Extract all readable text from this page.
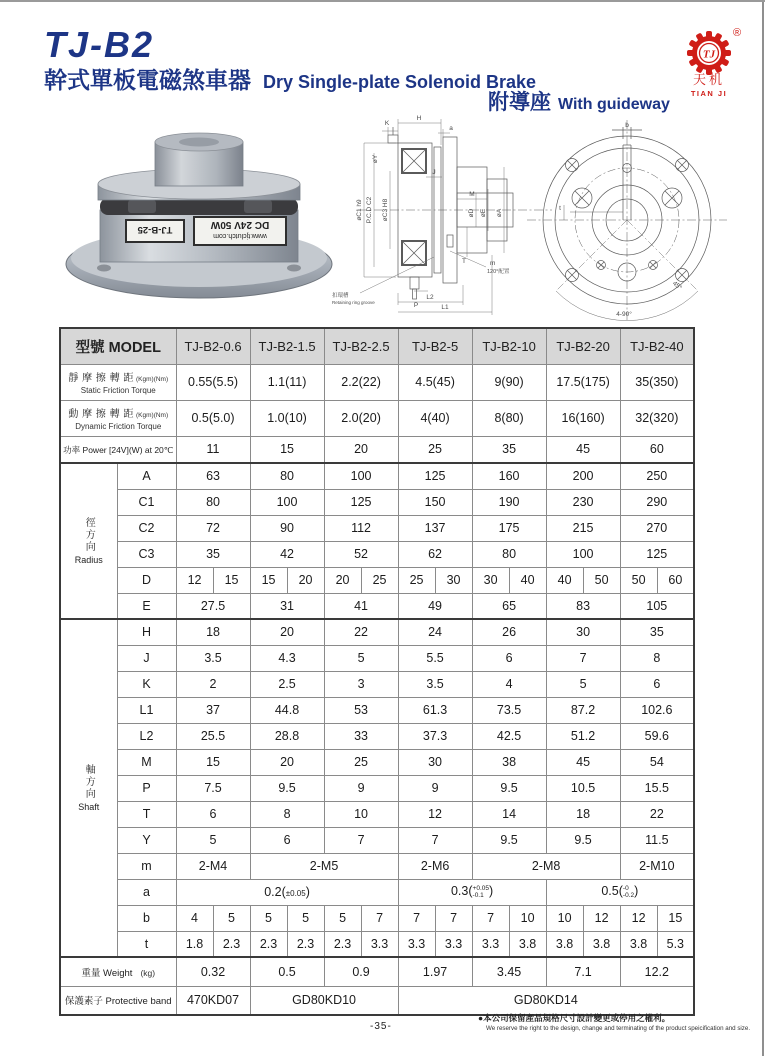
TJ-B2
幹式單板電磁煞車器 Dry Single-plate Solenoid Brake
TJ
®
天机
TIAN JI
附導座 With guideway
TJ-B-25
www.tjclutch.com
DC 24V 50W
H
K
a
øY
øC1 h9 P.C.D C2 øC3 H8
J
M
øD øE øA
T
P
L2
L1
m
120°配置
扣環槽
Retaining ring groove
b
t
45°
4-90°
型號 MODEL		TJ-B2-0.6		TJ-B2-1.5		TJ-B2-2.5		TJ-B2-5		TJ-B2-10		TJ-B2-20		TJ-B2-40	
靜 摩 擦 轉 距 (Kgm)(Nm)
Static Friction Torque		0.55(5.5)		1.1(11)		2.2(22)		4.5(45)		9(90)		17.5(175)		35(350)	
動 摩 擦 轉 距 (Kgm)(Nm)
Dynamic Friction Torque		0.5(5.0)		1.0(10)		2.0(20)		4(40)		8(80)		16(160)		32(320)	
功率 Power [24V](W) at 20℃		11		15		20		25		35		45		60	

徑方向
Radius	A	63		80		100		125		160		200		250	
	C1	80		100		125		150		190		230		290	
	C2	72		90		112		137		175		215		270	
	C3	35		42		52		62		80		100		125	
	D	12	15	15	20	20	25	25	30	30	40	40	50	50	60
	E	27.5		31		41		49		65		83		105	

軸方向
Shaft	H	18		20		22		24		26		30		35	
	J	3.5		4.3		5		5.5		6		7		8	
	K	2		2.5		3		3.5		4		5		6	
	L1	37		44.8		53		61.3		73.5		87.2		102.6	
	L2	25.5		28.8		33		37.3		42.5		51.2		59.6	
	M	15		20		25		30		38		45		54	
	P	7.5		9.5		9		9		9.5		10.5		15.5	
	T	6		8		10		12		14		18		22	
	Y	5		6		7		7		9.5		9.5		11.5	
	m	2-M4		2-M5				2-M6		2-M8				2-M10	
	a	0.2(±0.05)						0.3( +0.05
-0.1 )				0.5( -0
-0.2 )			
	b	4	5	5	5	5	7	7	7	7	10	10	12	12	15
	t	1.8	2.3	2.3	2.3	2.3	3.3	3.3	3.3	3.3	3.8	3.8	3.8	3.8	5.3
重量 Weight (kg)		0.32		0.5		0.9		1.97		3.45		7.1		12.2	
保護素子 Protective band		470KD07		GD80KD10				GD80KD14							
-35-
●本公司保留產品規格尺寸設計變更或停用之權利。
We reserve the right to the design, change and terminating of the product speicification and size.
